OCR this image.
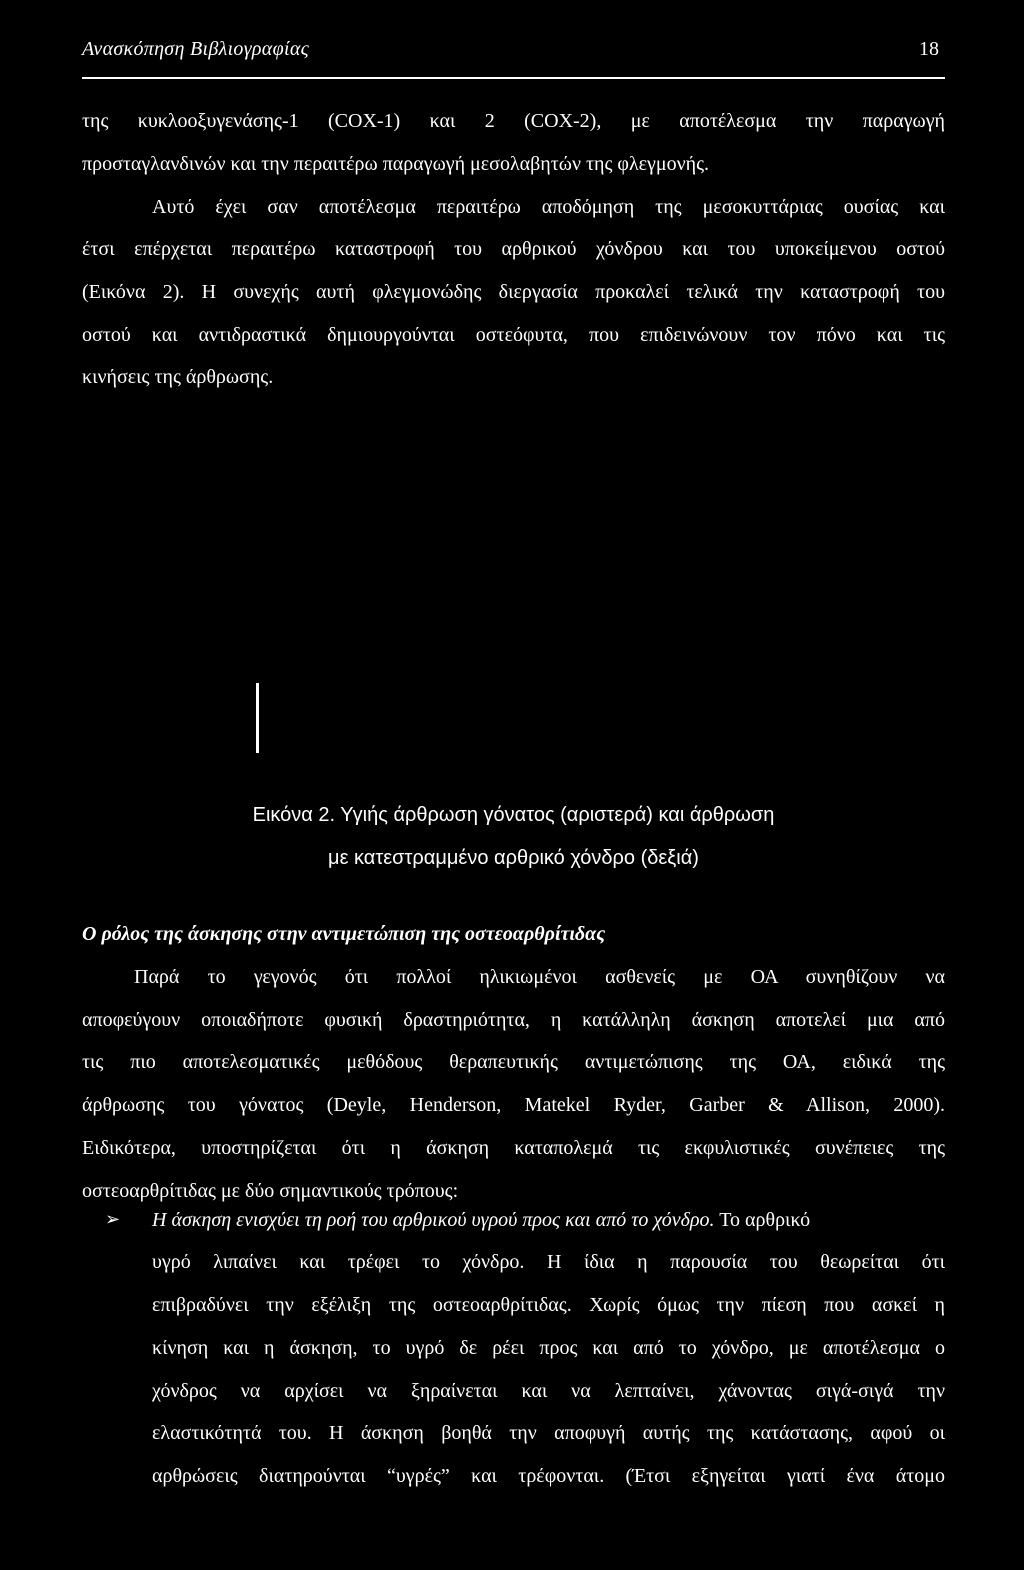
Ανασκόπηση Βιβλιογραφίας	18
της κυκλοοξυγενάσης-1 (COX-1) και 2 (COX-2), με αποτέλεσμα την παραγωγή
προσταγλανδινών και την περαιτέρω παραγωγή μεσολαβητών της φλεγμονής.
Αυτό έχει σαν αποτέλεσμα περαιτέρω αποδόμηση της μεσοκυττάριας ουσίας και
έτσι επέρχεται περαιτέρω καταστροφή του αρθρικού χόνδρου και του υποκείμενου οστού
(Εικόνα 2). Η συνεχής αυτή φλεγμονώδης διεργασία προκαλεί τελικά την καταστροφή του
οστού και αντιδραστικά δημιουργούνται οστεόφυτα, που επιδεινώνουν τον πόνο και τις
κινήσεις της άρθρωσης.
Εικόνα 2. Υγιής άρθρωση γόνατος (αριστερά) και άρθρωση
με κατεστραμμένο αρθρικό χόνδρο (δεξιά)
Ο ρόλος της άσκησης στην αντιμετώπιση της οστεοαρθρίτιδας
Παρά το γεγονός ότι πολλοί ηλικιωμένοι ασθενείς με ΟΑ συνηθίζουν να
αποφεύγουν οποιαδήποτε φυσική δραστηριότητα, η κατάλληλη άσκηση αποτελεί μια από
τις πιο αποτελεσματικές μεθόδους θεραπευτικής αντιμετώπισης της ΟΑ, ειδικά της
άρθρωσης του γόνατος (Deyle, Henderson, Matekel Ryder, Garber & Allison, 2000).
Ειδικότερα, υποστηρίζεται ότι η άσκηση καταπολεμά τις εκφυλιστικές συνέπειες της
οστεοαρθρίτιδας με δύο σημαντικούς τρόπους:
➢ Η άσκηση ενισχύει τη ροή του αρθρικού υγρού προς και από το χόνδρο. Το αρθρικό
υγρό λιπαίνει και τρέφει το χόνδρο. Η ίδια η παρουσία του θεωρείται ότι
επιβραδύνει την εξέλιξη της οστεοαρθρίτιδας. Χωρίς όμως την πίεση που ασκεί η
κίνηση και η άσκηση, το υγρό δε ρέει προς και από το χόνδρο, με αποτέλεσμα ο
χόνδρος να αρχίσει να ξηραίνεται και να λεπταίνει, χάνοντας σιγά-σιγά την
ελαστικότητά του. Η άσκηση βοηθά την αποφυγή αυτής της κατάστασης, αφού οι
αρθρώσεις διατηρούνται “υγρές” και τρέφονται. (Έτσι εξηγείται γιατί ένα άτομο
